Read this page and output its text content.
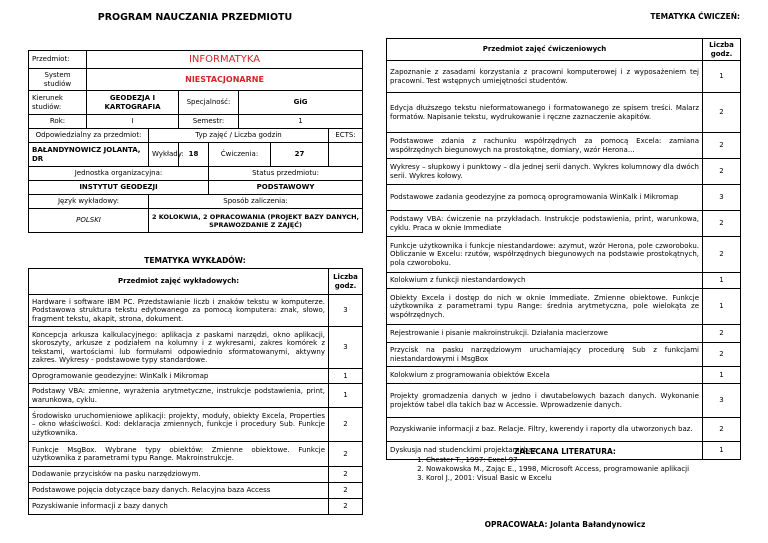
PROGRAM NAUCZANIA PRZEDMIOTU
Przedmiot:	INFORMATYKA						
System studiów	NIESTACJONARNE						
Kierunek studiów:	GEODEZJA I KARTOGRAFIA		Specjalność:		GiG		
Rok:	I		Semestr:		1		
Odpowiedzialny za przedmiot:		Typ zajęć / Liczba godzin					ECTS:
BAŁANDYNOWICZ JOLANTA, DR		Wykłady:	18	Ćwiczenia:		27	
Jednostka organizacyjna:				Status przedmiotu:			
INSTYTUT GEODEZJI				PODSTAWOWY			
Język wykładowy:		Sposób zaliczenia:					
POLSKI		2 KOLOKWIA, 2 OPRACOWANIA (PROJEKT BAZY DANYCH, SPRAWOZDANIE Z ZAJĘĆ)					
TEMATYKA WYKŁADÓW:
Przedmiot zajęć wykładowych:	Liczba godz.
Hardware i software IBM PC. Przedstawianie liczb i znaków tekstu w komputerze. Podstawowa struktura tekstu edytowanego za pomocą komputera: znak, słowo, fragment tekstu, akapit, strona, dokument.	3
Koncepcja arkusza kalkulacyjnego: aplikacja z paskami narzędzi, okno aplikacji, skoroszyty, arkusze z podziałem na kolumny i z wykresami, zakres komórek z tekstami, wartościami lub formułami odpowiednio sformatowanymi, aktywny zakres. Wykresy - podstawowe typy standardowe.	3
Oprogramowanie geodezyjne: WinKalk i Mikromap	1
Podstawy VBA: zmienne, wyrażenia arytmetyczne, instrukcje podstawienia, print, warunkowa, cyklu.	1
Środowisko uruchomieniowe aplikacji: projekty, moduły, obiekty Excela, Properties – okno właściwości. Kod: deklaracja zmiennych, funkcje i procedury Sub. Funkcje użytkownika.	2
Funkcje MsgBox. Wybrane typy obiektów: Zmienne obiektowe. Funkcje użytkownika z parametrami typu Range. Makroinstrukcje.	2
Dodawanie przycisków na pasku narzędziowym.	2
Podstawowe pojęcia dotyczące bazy danych. Relacyjna baza Access	2
Pozyskiwanie informacji z bazy danych	2
TEMATYKA ĆWICZEŃ:
Przedmiot zajęć ćwiczeniowych	Liczba godz.
Zapoznanie z zasadami korzystania z pracowni komputerowej i z wyposażeniem tej pracowni. Test wstępnych umiejętności studentów.	1
Edycja dłuższego tekstu nieformatowanego i formatowanego ze spisem treści. Malarz formatów. Napisanie tekstu, wydrukowanie i ręczne zaznaczenie akapitów.	2
Podstawowe zdania z rachunku współrzędnych za pomocą Excela: zamiana współrzędnych biegunowych na prostokątne, domiary, wzór Herona...	2
Wykresy – słupkowy i punktowy – dla jednej serii danych. Wykres kolumnowy dla dwóch serii. Wykres kołowy.	2
Podstawowe zadania geodezyjne za pomocą oprogramowania WinKalk i Mikromap	3
Podstawy VBA: ćwiczenie na przykładach. Instrukcje podstawienia, print, warunkowa, cyklu. Praca w oknie Immediate	2
Funkcje użytkownika i funkcje niestandardowe: azymut, wzór Herona, pole czworoboku. Obliczanie w Excelu: rzutów, współrzędnych biegunowych na podstawie prostokątnych, pola czworoboku.	2
Kolokwium z funkcji niestandardowych	1
Obiekty Excela i dostęp do nich w oknie Immediate. Zmienne obiektowe. Funkcje użytkownika z parametrami typu Range: średnia arytmetyczna, pole wielokąta ze współrzędnych.	1
Rejestrowanie i pisanie makroinstrukcji. Działania macierzowe	2
Przycisk na pasku narzędziowym uruchamiający procedurę Sub z funkcjami niestandardowymi i MsgBox	2
Kolokwium z programowania obiektów Excela	1
Projekty gromadzenia danych w jedno i dwutabelowych bazach danych. Wykonanie projektów tabel dla takich baz w Accessie. Wprowadzenie danych.	3
Pozyskiwanie informacji z baz. Relacje. Filtry, kwerendy i raporty dla utworzonych baz.	2
Dyskusja nad studenckimi projektami baz	1
ZALECANA LITERATURA:
1. Chester T., 1997: Excel 97
2. Nowakowska M., Zając E., 1998, Microsoft Access, programowanie aplikacji
3. Korol J., 2001: Visual Basic w Excelu
OPRACOWAŁA: Jolanta Bałandynowicz
